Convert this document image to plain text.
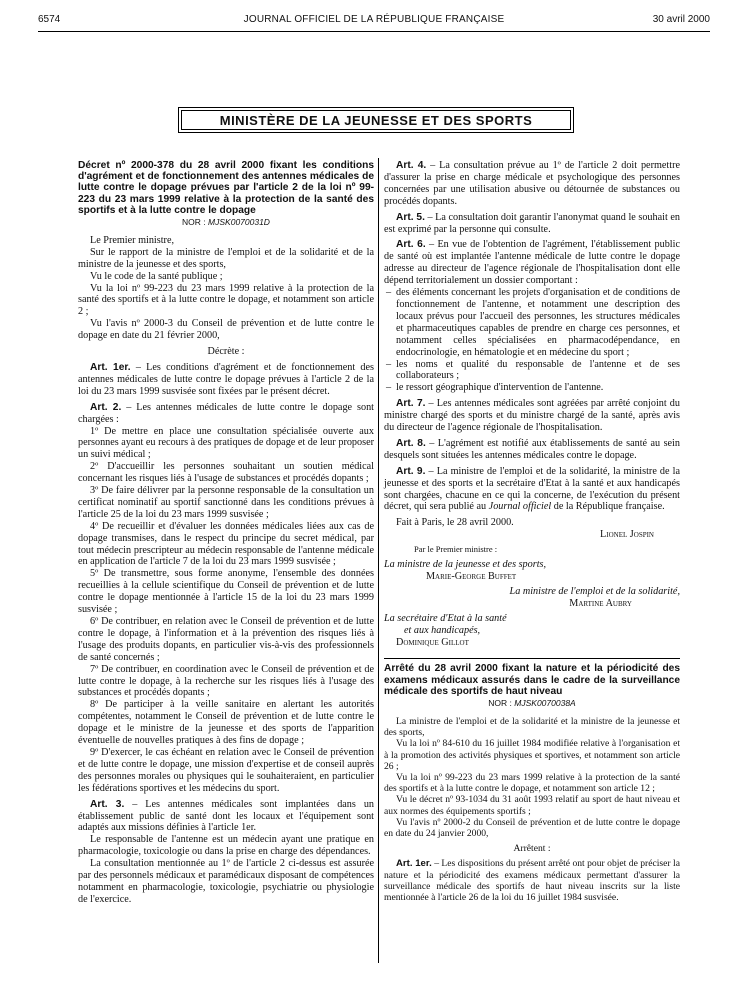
6574	JOURNAL OFFICIEL DE LA RÉPUBLIQUE FRANÇAISE	30 avril 2000
MINISTÈRE DE LA JEUNESSE ET DES SPORTS

Décret nº 2000-378 du 28 avril 2000 fixant les conditions d'agrément et de fonctionnement des antennes médicales de lutte contre le dopage prévues par l'article 2 de la loi nº 99-223 du 23 mars 1999 relative à la protection de la santé des sportifs et à la lutte contre le dopage

NOR : MJSK0070031D

Le Premier ministre,

Sur le rapport de la ministre de l'emploi et de la solidarité et de la ministre de la jeunesse et des sports,

Vu le code de la santé publique ;

Vu la loi nº 99-223 du 23 mars 1999 relative à la protection de la santé des sportifs et à la lutte contre le dopage, et notamment son article 2 ;

Vu l'avis nº 2000-3 du Conseil de prévention et de lutte contre le dopage en date du 21 février 2000,

Décrète :

Art. 1er. – Les conditions d'agrément et de fonctionnement des antennes médicales de lutte contre le dopage prévues à l'article 2 de la loi du 23 mars 1999 susvisée sont fixées par le présent décret.

Art. 2. – Les antennes médicales de lutte contre le dopage sont chargées :

1º De mettre en place une consultation spécialisée ouverte aux personnes ayant eu recours à des pratiques de dopage et de leur proposer un suivi médical ;

2º D'accueillir les personnes souhaitant un soutien médical concernant les risques liés à l'usage de substances et procédés dopants ;

3º De faire délivrer par la personne responsable de la consultation un certificat nominatif au sportif sanctionné dans les conditions prévues à l'article 25 de la loi du 23 mars 1999 susvisée ;

4º De recueillir et d'évaluer les données médicales liées aux cas de dopage transmises, dans le respect du principe du secret médical, par tout médecin prescripteur au médecin responsable de l'antenne médicale en application de l'article 7 de la loi du 23 mars 1999 susvisée ;

5º De transmettre, sous forme anonyme, l'ensemble des données recueillies à la cellule scientifique du Conseil de prévention et de lutte contre le dopage mentionnée à l'article 15 de la loi du 23 mars 1999 susvisée ;

6º De contribuer, en relation avec le Conseil de prévention et de lutte contre le dopage, à l'information et à la prévention des risques liés à l'usage des produits dopants, en particulier vis-à-vis des professionnels de santé concernés ;

7º De contribuer, en coordination avec le Conseil de prévention et de lutte contre le dopage, à la recherche sur les risques liés à l'usage des substances et procédés dopants ;

8º De participer à la veille sanitaire en alertant les autorités compétentes, notamment le Conseil de prévention et de lutte contre le dopage et le ministre de la jeunesse et des sports de l'apparition éventuelle de nouvelles pratiques à des fins de dopage ;

9º D'exercer, le cas échéant en relation avec le Conseil de prévention et de lutte contre le dopage, une mission d'expertise et de conseil auprès des personnes morales ou physiques qui le souhaiteraient, en particulier les fédérations sportives et les médecins du sport.

Art. 3. – Les antennes médicales sont implantées dans un établissement public de santé dont les locaux et l'équipement sont adaptés aux missions définies à l'article 1er.

Le responsable de l'antenne est un médecin ayant une pratique en pharmacologie, toxicologie ou dans la prise en charge des dépendances.

La consultation mentionnée au 1º de l'article 2 ci-dessus est assurée par des personnels médicaux et paramédicaux disposant de compétences notamment en pharmacologie, toxicologie, psychiatrie ou physiologie de l'exercice.

Art. 4. – La consultation prévue au 1º de l'article 2 doit permettre d'assurer la prise en charge médicale et psychologique des personnes concernées par une utilisation abusive ou détournée de substances ou procédés dopants.

Art. 5. – La consultation doit garantir l'anonymat quand le souhait en est exprimé par la personne qui consulte.

Art. 6. – En vue de l'obtention de l'agrément, l'établissement public de santé où est implantée l'antenne médicale de lutte contre le dopage adresse au directeur de l'agence régionale de l'hospitalisation dont elle dépend territorialement un dossier comportant :

– des éléments concernant les projets d'organisation et de conditions de fonctionnement de l'antenne, et notamment une description des locaux prévus pour l'accueil des personnes, les structures médicales et pharmaceutiques capables de prendre en charge ces personnes, et notamment celles spécialisées en pharmacodépendance, en endocrinologie, en hématologie et en médecine du sport ;
– les noms et qualité du responsable de l'antenne et de ses collaborateurs ;
– le ressort géographique d'intervention de l'antenne.

Art. 7. – Les antennes médicales sont agréées par arrêté conjoint du ministre chargé des sports et du ministre chargé de la santé, après avis du directeur de l'agence régionale de l'hospitalisation.

Art. 8. – L'agrément est notifié aux établissements de santé au sein desquels sont situées les antennes médicales contre le dopage.

Art. 9. – La ministre de l'emploi et de la solidarité, la ministre de la jeunesse et des sports et la secrétaire d'Etat à la santé et aux handicapés sont chargées, chacune en ce qui la concerne, de l'exécution du présent décret, qui sera publié au Journal officiel de la République française.

Fait à Paris, le 28 avril 2000.

Lionel Jospin

Par le Premier ministre :

La ministre de la jeunesse et des sports,

Marie-George Buffet

La ministre de l'emploi et de la solidarité,

Martine Aubry

La secrétaire d'Etat à la santé

et aux handicapés,

Dominique Gillot

Arrêté du 28 avril 2000 fixant la nature et la périodicité des examens médicaux assurés dans le cadre de la surveillance médicale des sportifs de haut niveau

NOR : MJSK0070038A

La ministre de l'emploi et de la solidarité et la ministre de la jeunesse et des sports,

Vu la loi nº 84-610 du 16 juillet 1984 modifiée relative à l'organisation et à la promotion des activités physiques et sportives, et notamment son article 26 ;

Vu la loi nº 99-223 du 23 mars 1999 relative à la protection de la santé des sportifs et à la lutte contre le dopage, et notamment son article 12 ;

Vu le décret nº 93-1034 du 31 août 1993 relatif au sport de haut niveau et aux normes des équipements sportifs ;

Vu l'avis nº 2000-2 du Conseil de prévention et de lutte contre le dopage en date du 24 janvier 2000,

Arrêtent :

Art. 1er. – Les dispositions du présent arrêté ont pour objet de préciser la nature et la périodicité des examens médicaux permettant d'assurer la surveillance médicale des sportifs de haut niveau inscrits sur la liste mentionnée à l'article 26 de la loi du 16 juillet 1984 susvisée.
